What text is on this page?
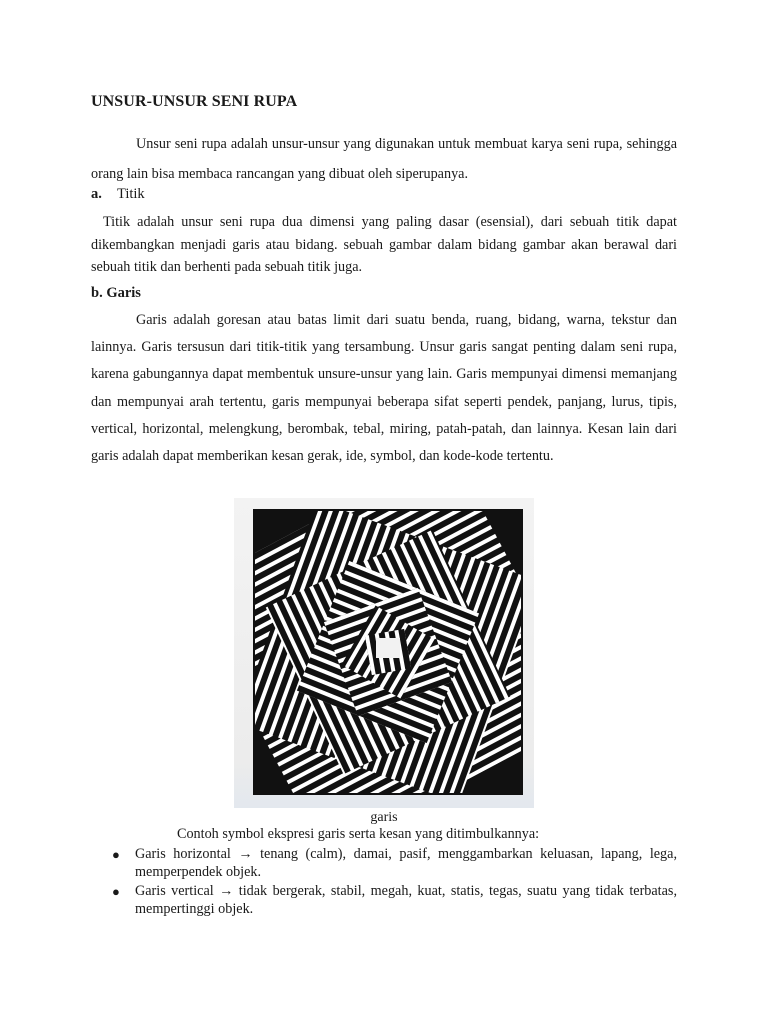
UNSUR-UNSUR SENI RUPA
Unsur seni rupa adalah unsur-unsur yang digunakan untuk membuat karya seni rupa, sehingga orang lain bisa membaca rancangan yang dibuat oleh siperupanya.
a. Titik
Titik adalah unsur seni rupa dua dimensi yang paling dasar (esensial), dari sebuah titik dapat dikembangkan menjadi garis atau bidang. sebuah gambar dalam bidang gambar akan berawal dari sebuah titik dan berhenti pada sebuah titik juga.
b. Garis
Garis adalah goresan atau batas limit dari suatu benda, ruang, bidang, warna, tekstur dan lainnya. Garis tersusun dari titik-titik yang tersambung. Unsur garis sangat penting dalam seni rupa, karena gabungannya dapat membentuk unsure-unsur yang lain. Garis mempunyai dimensi memanjang dan mempunyai arah tertentu, garis mempunyai beberapa sifat seperti pendek, panjang, lurus, tipis, vertical, horizontal, melengkung, berombak, tebal, miring, patah-patah, dan lainnya. Kesan lain dari garis adalah dapat memberikan kesan gerak, ide, symbol, dan kode-kode tertentu.
garis
Contoh symbol ekspresi garis serta kesan yang ditimbulkannya:
● Garis horizontal → tenang (calm), damai, pasif, menggambarkan keluasan, lapang, lega, memperpendek objek.
● Garis vertical → tidak bergerak, stabil, megah, kuat, statis, tegas, suatu yang tidak terbatas, mempertinggi objek.
